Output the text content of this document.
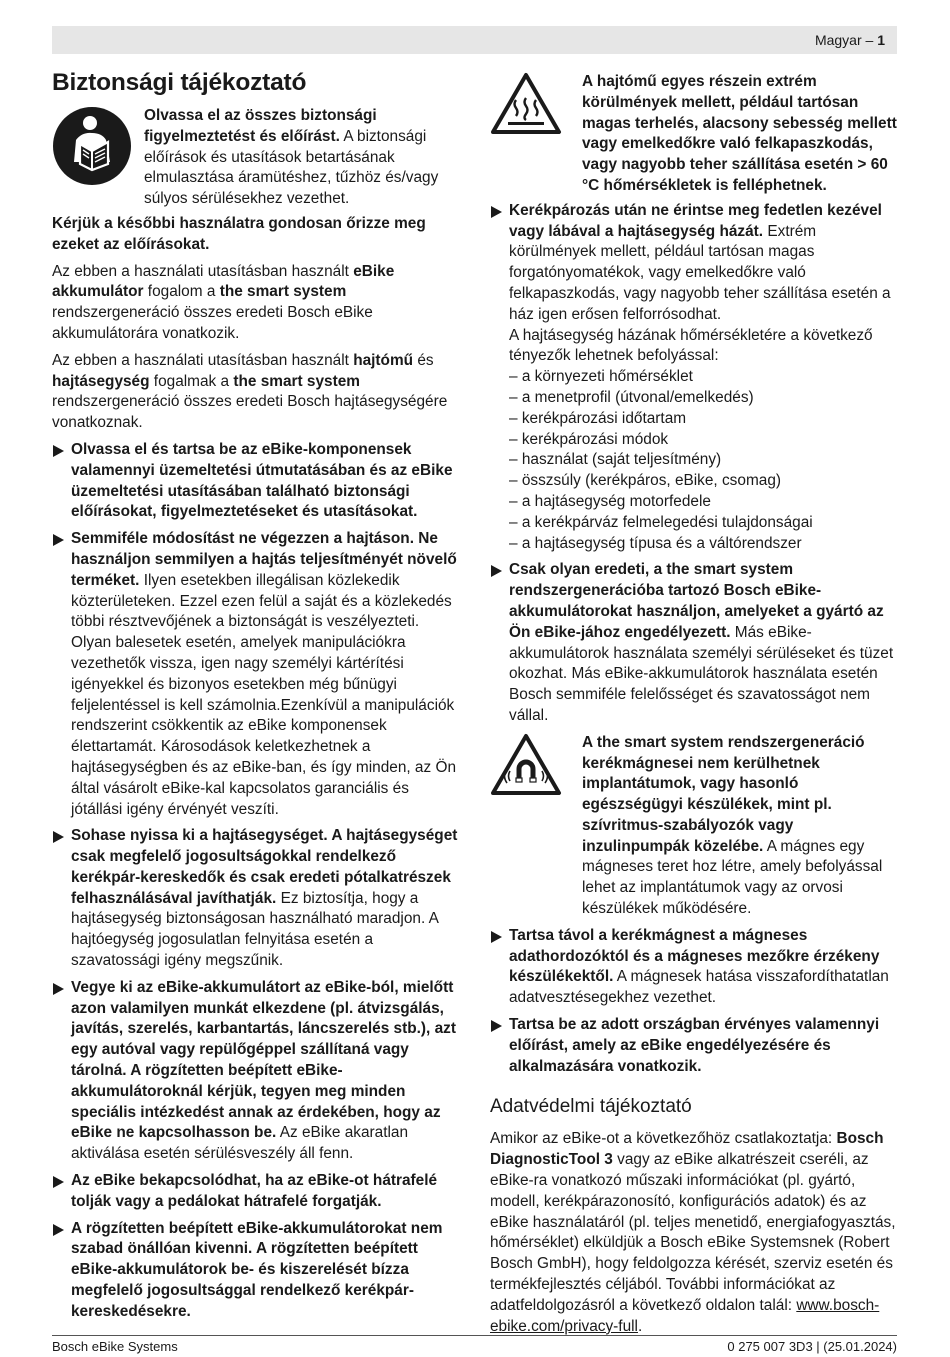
Magyar – 1
Biztonsági tájékoztató
Olvassa el az összes biztonsági figyelmeztetést és előírást. A biztonsági előírások és utasítások betartásának elmulasztása áramütéshez, tűzhöz és/vagy súlyos sérülésekhez vezethet.

Kérjük a későbbi használatra gondosan őrizze meg ezeket az előírásokat.

Az ebben a használati utasításban használt eBike akkumulátor fogalom a the smart system rendszergeneráció összes eredeti Bosch eBike akkumulátorára vonatkozik.

Az ebben a használati utasításban használt hajtómű és hajtásegység fogalmak a the smart system rendszergeneráció összes eredeti Bosch hajtásegységére vonatkoznak.

Olvassa el és tartsa be az eBike-komponensek valamennyi üzemeltetési útmutatásában és az eBike üzemeltetési utasításában található biztonsági előírásokat, figyelmeztetéseket és utasításokat.
Semmiféle módosítást ne végezzen a hajtáson. Ne használjon semmilyen a hajtás teljesítményét növelő terméket. Ilyen esetekben illegálisan közlekedik közterületeken. Ezzel ezen felül a saját és a közlekedés többi résztvevőjének a biztonságát is veszélyezteti. Olyan balesetek esetén, amelyek manipulációkra vezethetők vissza, igen nagy személyi kártérítési igényekkel és bizonyos esetekben még bűnügyi feljelentéssel is kell számolnia.Ezenkívül a manipulációk rendszerint csökkentik az eBike komponensek élettartamát. Károsodások keletkezhetnek a hajtásegységben és az eBike-ban, és így minden, az Ön által vásárolt eBike-kal kapcsolatos garanciális és jótállási igény érvényét veszíti.
Sohase nyissa ki a hajtásegységet. A hajtásegységet csak megfelelő jogosultságokkal rendelkező kerékpár-kereskedők és csak eredeti pótalkatrészek felhasználásával javíthatják. Ez biztosítja, hogy a hajtásegység biztonságosan használható maradjon. A hajtóegység jogosulatlan felnyitása esetén a szavatossági igény megszűnik.
Vegye ki az eBike-akkumulátort az eBike-ból, mielőtt azon valamilyen munkát elkezdene (pl. átvizsgálás, javítás, szerelés, karbantartás, láncszerelés stb.), azt egy autóval vagy repülőgéppel szállítaná vagy tárolná. A rögzítetten beépített eBike-akkumulátoroknál kérjük, tegyen meg minden speciális intézkedést annak az érdekében, hogy az eBike ne kapcsolhasson be. Az eBike akaratlan aktiválása esetén sérülésveszély áll fenn.
Az eBike bekapcsolódhat, ha az eBike-ot hátrafelé tolják vagy a pedálokat hátrafelé forgatják.
A rögzítetten beépített eBike-akkumulátorokat nem szabad önállóan kivenni. A rögzítetten beépített eBike-akkumulátorok be- és kiszerelését bízza megfelelő jogosultsággal rendelkező kerékpár-kereskedésekre.
A hajtómű egyes részein extrém körülmények mellett, például tartósan magas terhelés, alacsony sebesség mellett vagy emelkedőkre való felkapaszkodás, vagy nagyobb teher szállítása esetén > 60 °C hőmérsékletek is felléphetnek.
Kerékpározás után ne érintse meg fedetlen kezével vagy lábával a hajtásegység házát. Extrém körülmények mellett, például tartósan magas forgatónyomatékok, vagy emelkedőkre való felkapaszkodás, vagy nagyobb teher szállítása esetén a ház igen erősen felforrósodhat.
A hajtásegység házának hőmérsékletére a következő tényezők lehetnek befolyással:
– a környezeti hőmérséklet
– a menetprofil (útvonal/emelkedés)
– kerékpározási időtartam
– kerékpározási módok
– használat (saját teljesítmény)
– összsúly (kerékpáros, eBike, csomag)
– a hajtásegység motorfedele
– a kerékpárváz felmelegedési tulajdonságai
– a hajtásegység típusa és a váltórendszer
Csak olyan eredeti, a the smart system rendszergenerációba tartozó Bosch eBike-akkumulátorokat használjon, amelyeket a gyártó az Ön eBike-jához engedélyezett. Más eBike-akkumulátorok használata személyi sérüléseket és tüzet okozhat. Más eBike-akkumulátorok használata esetén Bosch semmiféle felelősséget és szavatosságot nem vállal.
A the smart system rendszergeneráció kerékmágnesei nem kerülhetnek implantátumok, vagy hasonló egészségügyi készülékek, mint pl. szívritmus-szabályozók vagy inzulinpumpák közelébe. A mágnes egy mágneses teret hoz létre, amely befolyással lehet az implantátumok vagy az orvosi készülékek működésére.
Tartsa távol a kerékmágnest a mágneses adathordozóktól és a mágneses mezőkre érzékeny készülékektől. A mágnesek hatása visszafordíthatatlan adatvesztésegekhez vezethet.
Tartsa be az adott országban érvényes valamennyi előírást, amely az eBike engedélyezésére és alkalmazására vonatkozik.
Adatvédelmi tájékoztató

Amikor az eBike-ot a következőhöz csatlakoztatja: Bosch DiagnosticTool 3 vagy az eBike alkatrészeit cseréli, az eBike-ra vonatkozó műszaki információkat (pl. gyártó, modell, kerékpárazonosító, konfigurációs adatok) és az eBike használatáról (pl. teljes menetidő, energiafogyasztás, hőmérséklet) elküldjük a Bosch eBike Systemsnek (Robert Bosch GmbH), hogy feldolgozza kérését, szerviz esetén és termékfejlesztés céljából. További információkat az adatfeldolgozásról a következő oldalon talál: www.bosch-ebike.com/privacy-full.

Bosch eBike Systems	0 275 007 3D3 | (25.01.2024)
